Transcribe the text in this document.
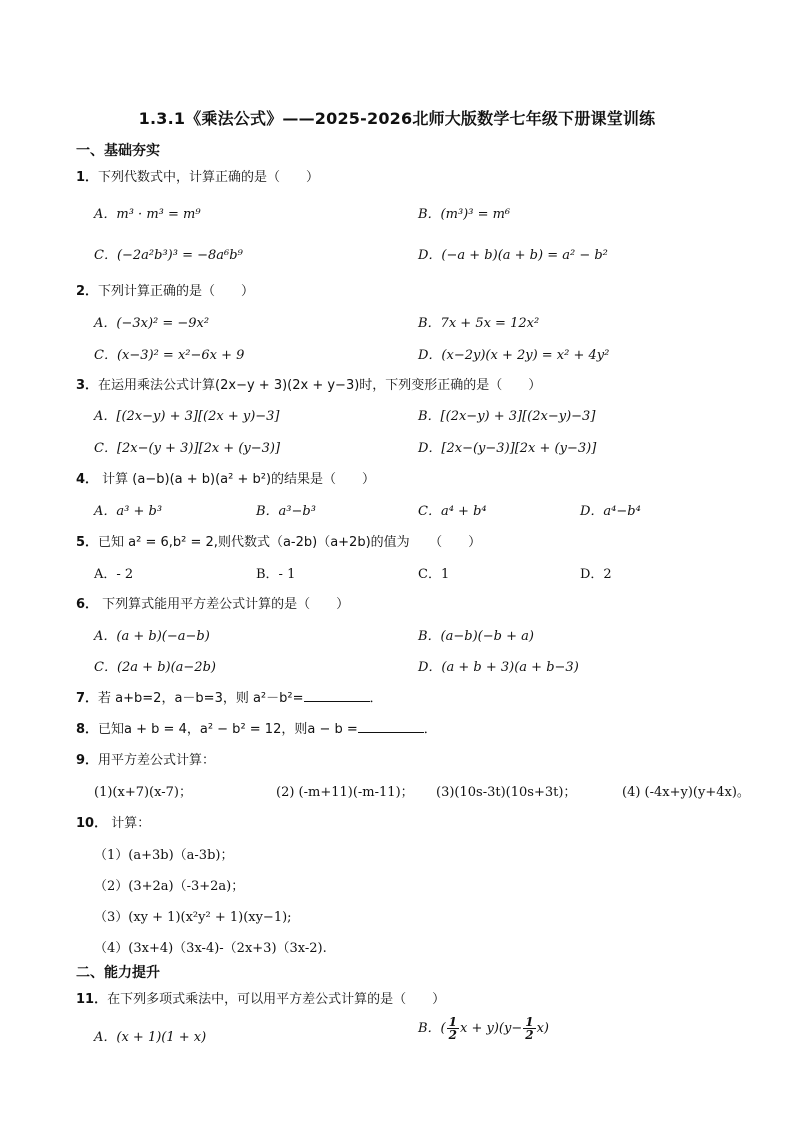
1.3.1《乘法公式》——2025-2026北师大版数学七年级下册课堂训练
一、基础夯实
1．下列代数式中，计算正确的是（　　）
A．m³ · m³ = m⁹	B．(m³)³ = m⁶
C．(−2a²b³)³ = −8a⁶b⁹	D．(−a + b)(a + b) = a² − b²
2．下列计算正确的是（　　）
A．(−3x)² = −9x²	B．7x + 5x = 12x²
C．(x−3)² = x²−6x + 9	D．(x−2y)(x + 2y) = x² + 4y²
3．在运用乘法公式计算(2x−y + 3)(2x + y−3)时，下列变形正确的是（　　）
A．[(2x−y) + 3][(2x + y)−3]	B．[(2x−y) + 3][(2x−y)−3]
C．[2x−(y + 3)][2x + (y−3)]	D．[2x−(y−3)][2x + (y−3)]
4． 计算 (a−b)(a + b)(a² + b²)的结果是（　　）
A．a³ + b³	B．a³−b³	C．a⁴ + b⁴	D．a⁴−b⁴
5．已知 a² = 6,b² = 2,则代数式（a-2b)（a+2b)的值为　　（　　）
A．- 2	B．- 1	C．1	D．2
6． 下列算式能用平方差公式计算的是（　　）
A．(a + b)(−a−b)	B．(a−b)(−b + a)
C．(2a + b)(a−2b)	D．(a + b + 3)(a + b−3)
7．若 a+b=2，a－b=3，则 a²－b²=	．
8．已知a + b = 4，a² − b² = 12，则a − b =	．
9．用平方差公式计算：
(1)(x+7)(x-7)；	(2) (-m+11)(-m-11)； (3)(10s-3t)(10s+3t)；	(4) (-4x+y)(y+4x)。
10． 计算：
（1）(a+3b)（a-3b)；
（2）(3+2a)（-3+2a)；
（3）(xy + 1)(x²y² + 1)(xy−1);
（4）(3x+4)（3x-4)-（2x+3)（3x-2).
二、能力提升
11．在下列多项式乘法中，可以用平方差公式计算的是（　　）
A．(x + 1)(1 + x)
B．( $\frac{1}{2}$ $x + y)(y- \frac{1}{2} x)$
